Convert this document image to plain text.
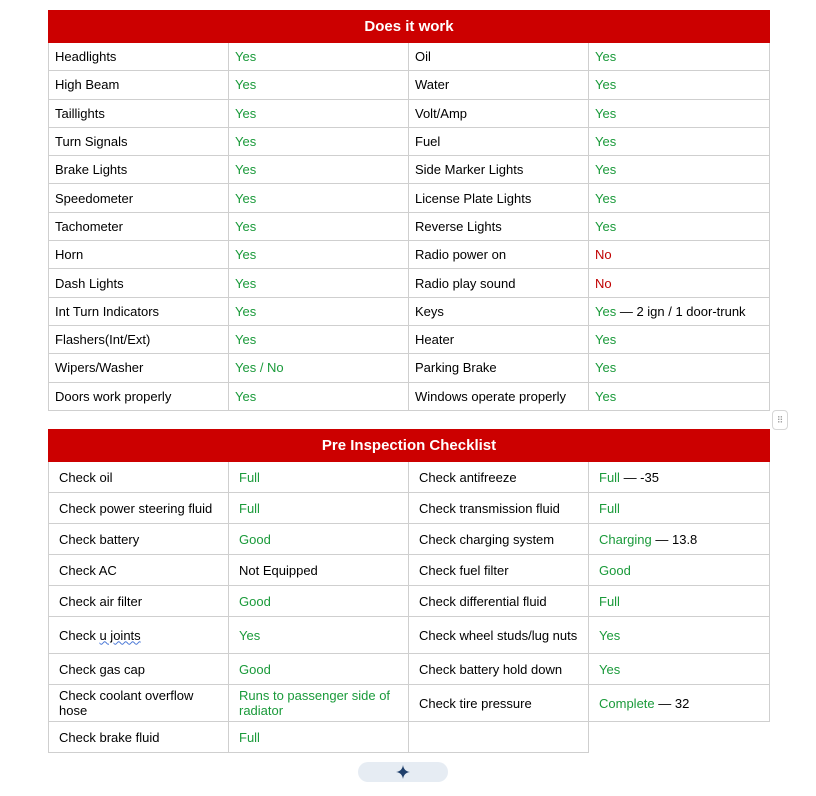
Does it work			
Headlights	Yes	Oil	Yes
High Beam	Yes	Water	Yes
Taillights	Yes	Volt/Amp	Yes
Turn Signals	Yes	Fuel	Yes
Brake Lights	Yes	Side Marker Lights	Yes
Speedometer	Yes	License Plate Lights	Yes
Tachometer	Yes	Reverse Lights	Yes
Horn	Yes	Radio power on	No
Dash Lights	Yes	Radio play sound	No
Int Turn Indicators	Yes	Keys	Yes — 2 ign / 1 door-trunk
Flashers(Int/Ext)	Yes	Heater	Yes
Wipers/Washer	Yes / No	Parking Brake	Yes
Doors work properly	Yes	Windows operate properly	Yes
⠿
Pre Inspection Checklist			
Check oil	Full	Check antifreeze	Full — -35
Check power steering fluid	Full	Check transmission fluid	Full
Check battery	Good	Check charging system	Charging — 13.8
Check AC	Not Equipped	Check fuel filter	Good
Check air filter	Good	Check differential fluid	Full
Check u joints	Yes	Check wheel studs/lug nuts	Yes
Check gas cap	Good	Check battery hold down	Yes
Check coolant overflow hose	Runs to passenger side of radiator	Check tire pressure	Complete — 32
Check brake fluid	Full		
